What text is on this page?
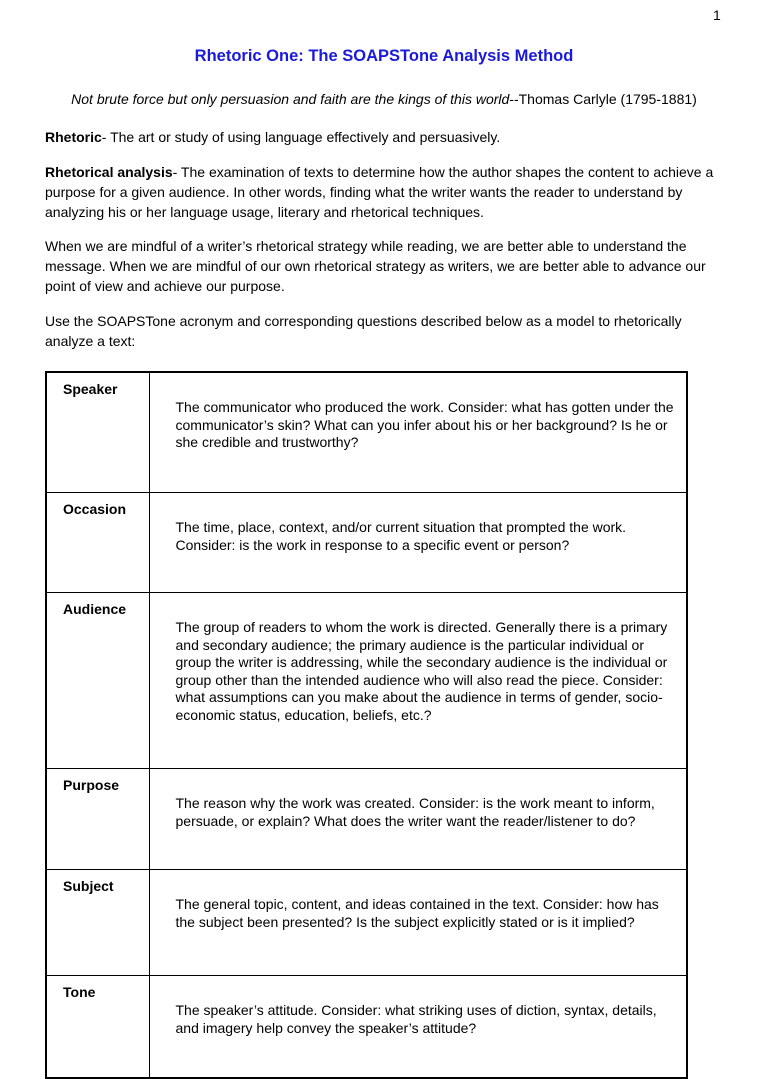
1
Rhetoric One: The SOAPSTone Analysis Method
Not brute force but only persuasion and faith are the kings of this world--Thomas Carlyle (1795-1881)

Rhetoric- The art or study of using language effectively and persuasively.

Rhetorical analysis- The examination of texts to determine how the author shapes the content to achieve a purpose for a given audience. In other words, finding what the writer wants the reader to understand by analyzing his or her language usage, literary and rhetorical techniques.

When we are mindful of a writer’s rhetorical strategy while reading, we are better able to understand the message. When we are mindful of our own rhetorical strategy as writers, we are better able to advance our point of view and achieve our purpose.

Use the SOAPSTone acronym and corresponding questions described below as a model to rhetorically analyze a text:

Speaker	The communicator who produced the work. Consider: what has gotten under the communicator’s skin? What can you infer about his or her background? Is he or she credible and trustworthy?
Occasion	The time, place, context, and/or current situation that prompted the work. Consider: is the work in response to a specific event or person?
Audience	The group of readers to whom the work is directed. Generally there is a primary and secondary audience; the primary audience is the particular individual or group the writer is addressing, while the secondary audience is the individual or group other than the intended audience who will also read the piece. Consider: what assumptions can you make about the audience in terms of gender, socio-economic status, education, beliefs, etc.?
Purpose	The reason why the work was created. Consider: is the work meant to inform, persuade, or explain? What does the writer want the reader/listener to do?
Subject	The general topic, content, and ideas contained in the text. Consider: how has the subject been presented? Is the subject explicitly stated or is it implied?
Tone	The speaker’s attitude. Consider: what striking uses of diction, syntax, details, and imagery help convey the speaker’s attitude?
